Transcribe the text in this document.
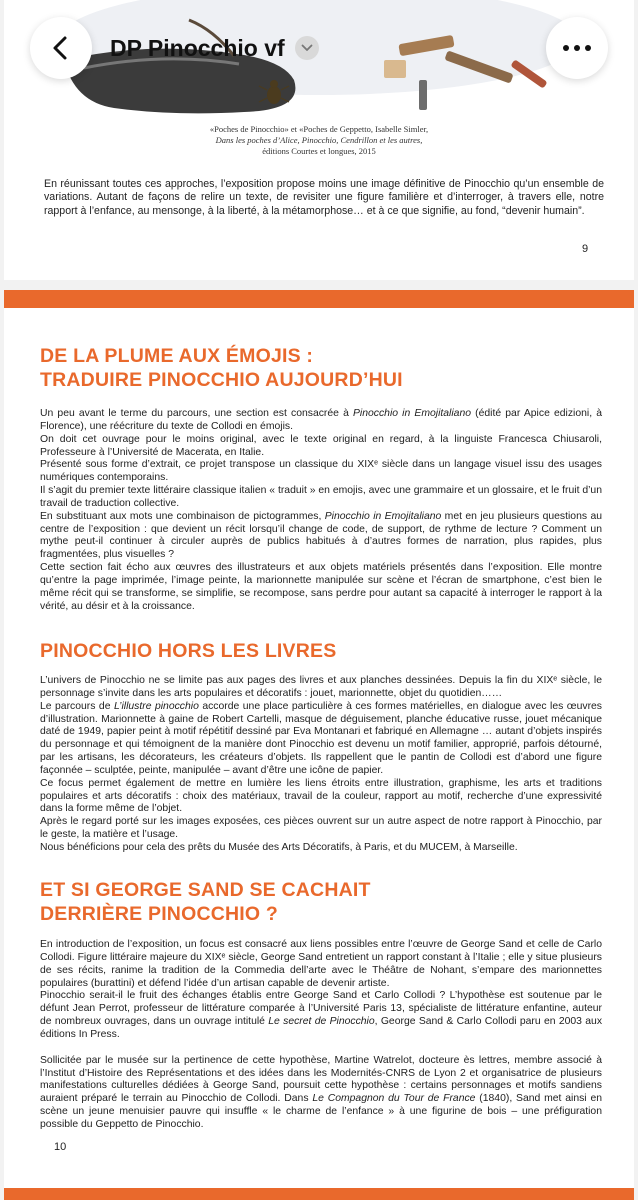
«Poches de Pinocchio» et «Poches de Geppetto, Isabelle Simler,
Dans les poches d’Alice, Pinocchio, Cendrillon et les autres,
éditions Courtes et longues, 2015
En réunissant toutes ces approches, l’exposition propose moins une image définitive de Pinocchio qu’un ensemble de variations. Autant de façons de relire un texte, de revisiter une figure familière et d’interroger, à travers elle, notre rapport à l’enfance, au mensonge, à la liberté, à la métamorphose… et à ce que signifie, au fond, “devenir humain”.
9
DE LA PLUME AUX ÉMOJIS :
TRADUIRE PINOCCHIO AUJOURD’HUI

Un peu avant le terme du parcours, une section est consacrée à Pinocchio in Emojitaliano (édité par Apice edizioni, à Florence), une réécriture du texte de Collodi en émojis.

On doit cet ouvrage pour le moins original, avec le texte original en regard, à la linguiste Francesca Chiusaroli, Professeure à l’Université de Macerata, en Italie.

Présenté sous forme d’extrait, ce projet transpose un classique du XIXᵉ siècle dans un langage visuel issu des usages numériques contemporains.

Il s’agit du premier texte littéraire classique italien « traduit » en emojis, avec une grammaire et un glossaire, et le fruit d’un travail de traduction collective.

En substituant aux mots une combinaison de pictogrammes, Pinocchio in Emojitaliano met en jeu plusieurs questions au centre de l’exposition : que devient un récit lorsqu’il change de code, de support, de rythme de lecture ? Comment un mythe peut-il continuer à circuler auprès de publics habitués à d’autres formes de narration, plus rapides, plus fragmentées, plus visuelles ?

Cette section fait écho aux œuvres des illustrateurs et aux objets matériels présentés dans l’exposition. Elle montre qu’entre la page imprimée, l’image peinte, la marionnette manipulée sur scène et l’écran de smartphone, c’est bien le même récit qui se transforme, se simplifie, se recompose, sans perdre pour autant sa capacité à interroger le rapport à la vérité, au désir et à la croissance.

PINOCCHIO HORS LES LIVRES

L’univers de Pinocchio ne se limite pas aux pages des livres et aux planches dessinées. Depuis la fin du XIXᵉ siècle, le personnage s’invite dans les arts populaires et décoratifs : jouet, marionnette, objet du quotidien……

Le parcours de L’illustre pinocchio accorde une place particulière à ces formes matérielles, en dialogue avec les œuvres d’illustration. Marionnette à gaine de Robert Cartelli, masque de déguisement, planche éducative russe, jouet mécanique daté de 1949, papier peint à motif répétitif dessiné par Eva Montanari et fabriqué en Allemagne … autant d’objets inspirés du personnage et qui témoignent de la manière dont Pinocchio est devenu un motif familier, approprié, parfois détourné, par les artisans, les décorateurs, les créateurs d’objets. Ils rappellent que le pantin de Collodi est d’abord une figure façonnée – sculptée, peinte, manipulée – avant d’être une icône de papier.

Ce focus permet également de mettre en lumière les liens étroits entre illustration, graphisme, les arts et traditions populaires et arts décoratifs : choix des matériaux, travail de la couleur, rapport au motif, recherche d’une expressivité dans la forme même de l’objet.

Après le regard porté sur les images exposées, ces pièces ouvrent sur un autre aspect de notre rapport à Pinocchio, par le geste, la matière et l’usage.

Nous bénéficions pour cela des prêts du Musée des Arts Décoratifs, à Paris, et du MUCEM, à Marseille.

ET SI GEORGE SAND SE CACHAIT
DERRIÈRE PINOCCHIO ?

En introduction de l’exposition, un focus est consacré aux liens possibles entre l’œuvre de George Sand et celle de Carlo Collodi. Figure littéraire majeure du XIXᵉ siècle, George Sand entretient un rapport constant à l’Italie ; elle y situe plusieurs de ses récits, ranime la tradition de la Commedia dell’arte avec le Théâtre de Nohant, s’empare des marionnettes populaires (burattini) et défend l’idée d’un artisan capable de devenir artiste.

Pinocchio serait-il le fruit des échanges établis entre George Sand et Carlo Collodi ? L’hypothèse est soutenue par le défunt Jean Perrot, professeur de littérature comparée à l’Université Paris 13, spécialiste de littérature enfantine, auteur de nombreux ouvrages, dans un ouvrage intitulé Le secret de Pinocchio, George Sand & Carlo Collodi paru en 2003 aux éditions In Press.

Sollicitée par le musée sur la pertinence de cette hypothèse, Martine Watrelot, docteure ès lettres, membre associé à l’Institut d’Histoire des Représentations et des idées dans les Modernités-CNRS de Lyon 2 et organisatrice de plusieurs manifestations culturelles dédiées à George Sand, poursuit cette hypothèse : certains personnages et motifs sandiens auraient préparé le terrain au Pinocchio de Collodi. Dans Le Compagnon du Tour de France (1840), Sand met ainsi en scène un jeune menuisier pauvre qui insuffle « le charme de l’enfance » à une figurine de bois – une préfiguration possible du Geppetto de Pinocchio.

10
DP Pinocchio vf
